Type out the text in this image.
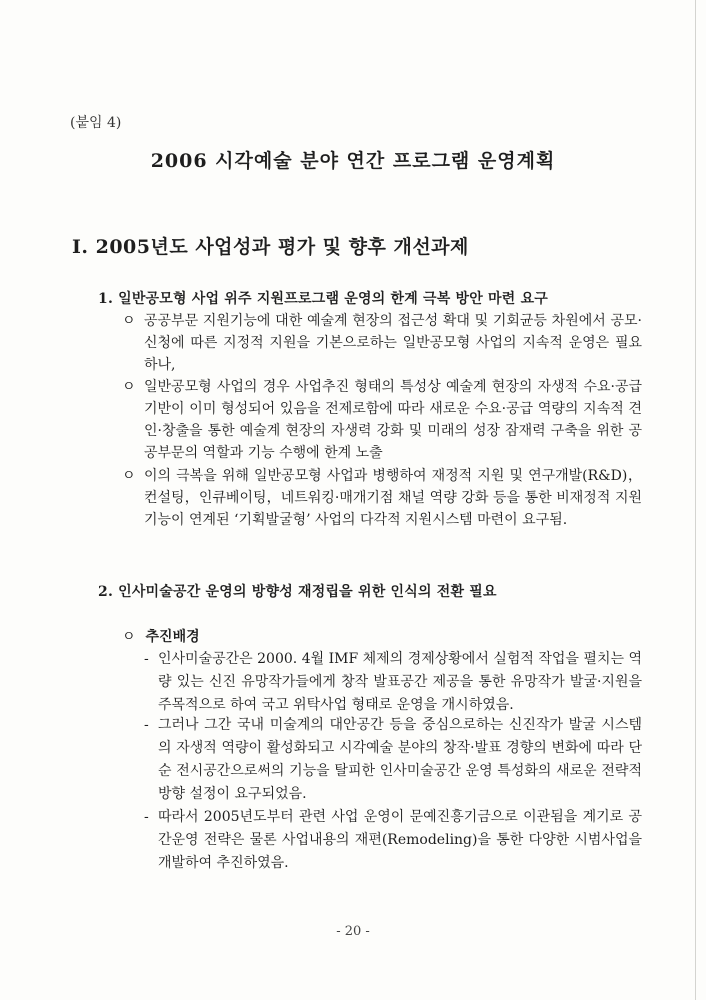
(붙임 4)
2006 시각예술 분야 연간 프로그램 운영계획
Ⅰ. 2005년도 사업성과 평가 및 향후 개선과제
1. 일반공모형 사업 위주 지원프로그램 운영의 한계 극복 방안 마련 요구
ㅇ 공공부문 지원기능에 대한 예술계 현장의 접근성 확대 및 기회균등 차원에서 공모·신청에 따른 지정적 지원을 기본으로하는 일반공모형 사업의 지속적 운영은 필요하나,
ㅇ 일반공모형 사업의 경우 사업추진 형태의 특성상 예술계 현장의 자생적 수요·공급 기반이 이미 형성되어 있음을 전제로함에 따라 새로운 수요·공급 역량의 지속적 견인·창출을 통한 예술계 현장의 자생력 강화 및 미래의 성장 잠재력 구축을 위한 공공부문의 역할과 기능 수행에 한계 노출
ㅇ 이의 극복을 위해 일반공모형 사업과 병행하여 재정적 지원 및 연구개발(R&D)，컨설팅，인큐베이팅，네트워킹·매개기점 채널 역량 강화 등을 통한 비재정적 지원 기능이 연계된 ‘기획발굴형’ 사업의 다각적 지원시스템 마련이 요구됨.
2. 인사미술공간 운영의 방향성 재정립을 위한 인식의 전환 필요
ㅇ 추진배경
- 인사미술공간은 2000. 4월 IMF 체제의 경제상황에서 실험적 작업을 펼치는 역량 있는 신진 유망작가들에게 창작 발표공간 제공을 통한 유망작가 발굴·지원을 주목적으로 하여 국고 위탁사업 형태로 운영을 개시하였음.
- 그러나 그간 국내 미술계의 대안공간 등을 중심으로하는 신진작가 발굴 시스템의 자생적 역량이 활성화되고 시각예술 분야의 창작·발표 경향의 변화에 따라 단순 전시공간으로써의 기능을 탈피한 인사미술공간 운영 특성화의 새로운 전략적 방향 설정이 요구되었음.
- 따라서 2005년도부터 관련 사업 운영이 문예진흥기금으로 이관됨을 계기로 공간운영 전략은 물론 사업내용의 재편(Remodeling)을 통한 다양한 시범사업을 개발하여 추진하였음.
- 20 -
